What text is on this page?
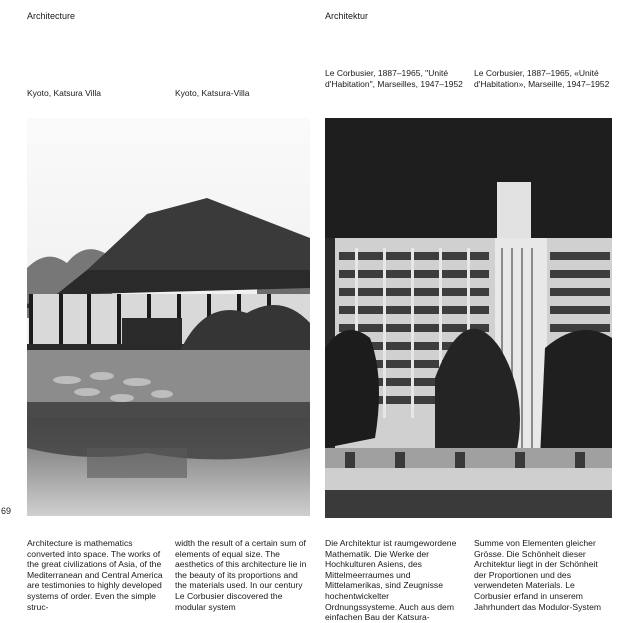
Architecture	Architektur
Kyoto, Katsura Villa	Kyoto, Katsura-Villa
Le Corbusier, 1887–1965, "Unité d'Habitation", Marseilles, 1947–1952
Le Corbusier, 1887–1965, «Unité d'Habitation», Marseille, 1947–1952
69
Architecture is mathematics converted into space. The works of the great civilizations of Asia, of the Mediterranean and Central America are testimonies to highly developed systems of order. Even the simple struc-
width the result of a certain sum of elements of equal size. The aesthetics of this architecture lie in the beauty of its proportions and the materials used. In our century Le Corbusier discovered the modular system
Die Architektur ist raumgewordene Mathematik. Die Werke der Hochkulturen Asiens, des Mittelmeerraumes und Mittelamerikas, sind Zeugnisse hochentwickelter Ordnungssysteme. Auch aus dem einfachen Bau der Katsura-
Summe von Elementen gleicher Grösse. Die Schönheit dieser Architektur liegt in der Schönheit der Proportionen und des verwendeten Materials. Le Corbusier erfand in unserem Jahrhundert das Modulor-System
